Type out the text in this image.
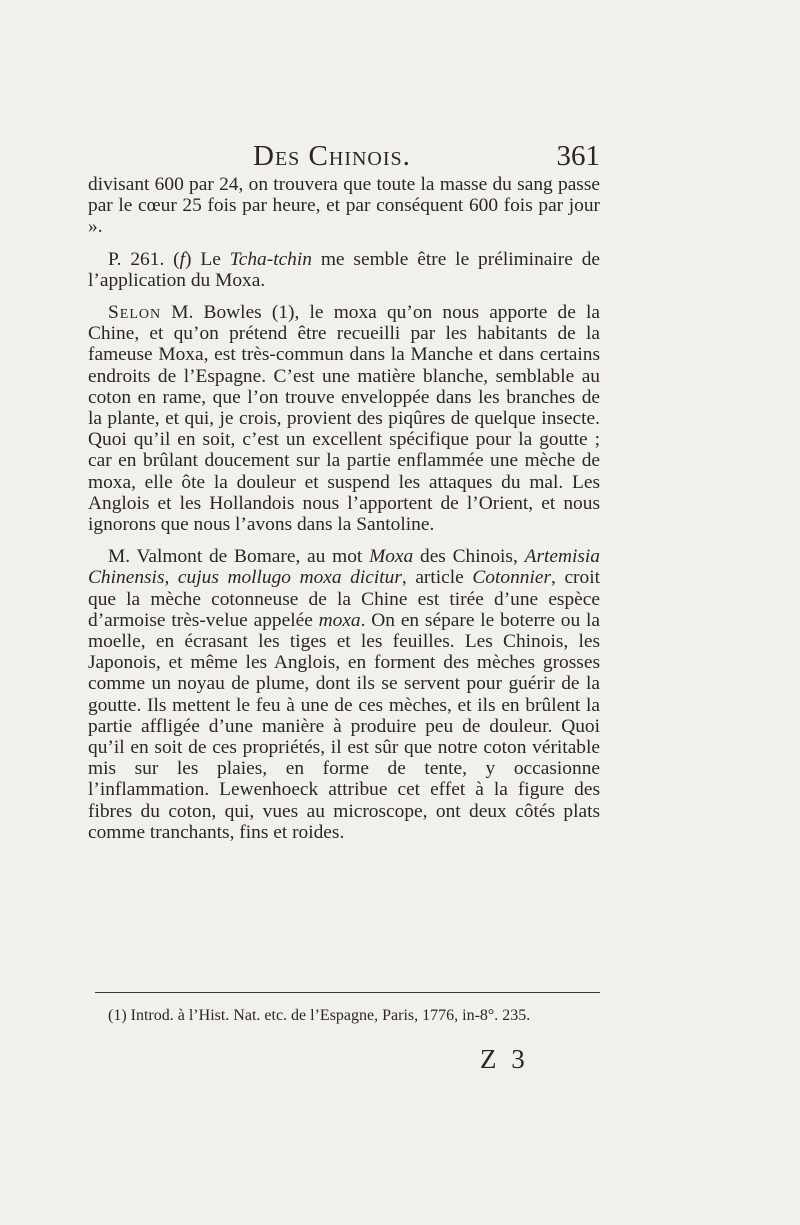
Des Chinois.	361

divisant 600 par 24, on trouvera que toute la masse du sang passe par le cœur 25 fois par heure, et par conséquent 600 fois par jour ».

P. 261. (f) Le Tcha-tchin me semble être le préliminaire de l’application du Moxa.

Selon M. Bowles (1), le moxa qu’on nous apporte de la Chine, et qu’on prétend être recueilli par les habitants de la fameuse Moxa, est très-commun dans la Manche et dans certains endroits de l’Espagne. C’est une matière blanche, semblable au coton en rame, que l’on trouve enveloppée dans les branches de la plante, et qui, je crois, provient des piqûres de quelque insecte. Quoi qu’il en soit, c’est un excellent spécifique pour la goutte ; car en brûlant doucement sur la partie enflammée une mèche de moxa, elle ôte la douleur et suspend les attaques du mal. Les Anglois et les Hollandois nous l’apportent de l’Orient, et nous ignorons que nous l’avons dans la Santoline.

M. Valmont de Bomare, au mot Moxa des Chinois, Artemisia Chinensis, cujus mollugo moxa dicitur, article Cotonnier, croit que la mèche cotonneuse de la Chine est tirée d’une espèce d’armoise très-velue appelée moxa. On en sépare le boterre ou la moelle, en écrasant les tiges et les feuilles. Les Chinois, les Japonois, et même les Anglois, en forment des mèches grosses comme un noyau de plume, dont ils se servent pour guérir de la goutte. Ils mettent le feu à une de ces mèches, et ils en brûlent la partie affligée d’une manière à produire peu de douleur. Quoi qu’il en soit de ces propriétés, il est sûr que notre coton véritable mis sur les plaies, en forme de tente, y occasionne l’inflammation. Lewenhoeck attribue cet effet à la figure des fibres du coton, qui, vues au microscope, ont deux côtés plats comme tranchants, fins et roides.

(1) Introd. à l’Hist. Nat. etc. de l’Espagne, Paris, 1776, in-8°. 235.
Z 3
